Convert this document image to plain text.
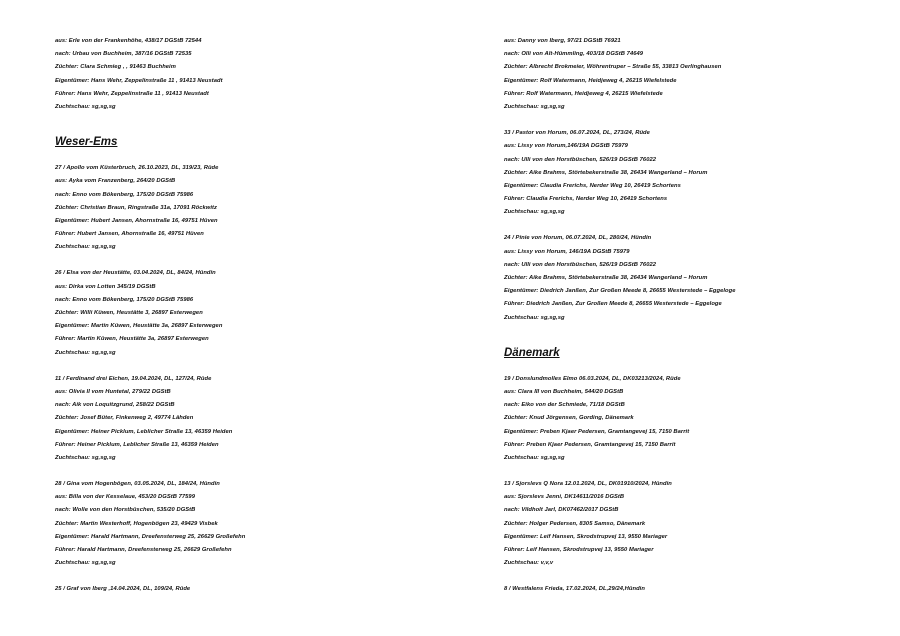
aus: Erle von der Frankenhöhe, 438/17 DGStB 72544
nach: Urbau von Buchheim, 387/16 DGStB 72535
Züchter: Clara Schmieg , , 91463 Buchheim
Eigentümer: Hans Wehr, Zeppelinstraße 11 , 91413 Neustadt
Führer: Hans Wehr, Zeppelinstraße 11 , 91413 Neustadt
Zuchtschau: sg,sg,sg
Weser-Ems
27 / Apollo vom Küsterbruch, 26.10.2023, DL, 319/23, Rüde
aus: Ayka vom Franzenberg, 264/20 DGStB
nach: Enno vom Bökenberg, 175/20 DGStB 75986
Züchter: Christian Braun, Ringstraße 31a, 17091 Röckwitz
Eigentümer: Hubert Jansen, Ahornstraße 16, 49751 Hüven
Führer: Hubert Jansen, Ahornstraße 16, 49751 Hüven
Zuchtschau: sg,sg,sg
26 / Elsa von der Heustätte, 03.04.2024, DL, 84/24, Hündin
aus: Dirka von Lotten 345/19 DGStB
nach: Enno vom Bökenberg, 175/20 DGStB 75986
Züchter: Willi Küwen, Heustätte 3, 26897 Esterwegen
Eigentümer: Martin Küwen, Heustätte 3a, 26897 Esterwegen
Führer: Martin Küwen, Heustätte 3a, 26897 Esterwegen
Zuchtschau: sg,sg,sg
11 / Ferdinand drei Eichen, 19.04.2024, DL, 127/24, Rüde
aus: Olivia II vom Huntetal, 279/22 DGStB
nach: Aik von Loquitzgrund, 258/22 DGStB
Züchter: Josef Büter, Finkenweg 2, 49774 Lähden
Eigentümer: Heiner Picklum, Leblicher Straße 13, 46359 Heiden
Führer: Heiner Picklum, Leblicher Straße 13, 46359 Heiden
Zuchtschau: sg,sg,sg
28 / Gina vom Hogenbögen, 03.05.2024, DL, 184/24, Hündin
aus: Billa von der Kesselaue, 453/20 DGStB 77599
nach: Wolle von den Horstbüschen, 535/20 DGStB
Züchter: Martin Westerhoff, Hogenbögen 23, 49429 Visbek
Eigentümer: Harald Hartmann, Dreefensterweg 25, 26629 Großefehn
Führer: Harald Hartmann, Dreefensterweg 25, 26629 Großefehn
Zuchtschau: sg,sg,sg
25 / Graf von Iberg ,14.04.2024, DL, 109/24, Rüde
aus: Danny von Iberg, 97/21 DGStB 76921
nach: Olli von Alt-Hümmling, 403/18 DGStB 74649
Züchter: Albrecht Brokmeier, Wöhrentruper – Straße 55, 33813 Oerlinghausen
Eigentümer: Rolf Watermann, Heidjeweg 4, 26215 Wiefelstede
Führer: Rolf Watermann, Heidjeweg 4, 26215 Wiefelstede
Zuchtschau: sg,sg,sg
33 / Pastor von Horum, 06.07.2024, DL, 273/24, Rüde
aus: Lissy von Horum,146/19A DGStB 75979
nach: Ulli von den Horstbüschen, 526/19 DGStB 76022
Züchter: Aike Brahms, Störtebekerstraße 38, 26434 Wangerland – Horum
Eigentümer: Claudia Frerichs, Nerder Weg 10, 26419 Schortens
Führer: Claudia Frerichs, Nerder Weg 10, 26419 Schortens
Zuchtschau: sg,sg,sg
24 / Pinie von Horum, 06.07.2024, DL, 280/24, Hündin
aus: Lissy von Horum, 146/19A DGStB 75979
nach: Ulli von den Horstbüschen, 526/19 DGStB 76022
Züchter: Aike Brahms, Störtebekerstraße 38, 26434 Wangerland – Horum
Eigentümer: Diedrich Janßen, Zur Großen Meede 8, 26655 Westerstede – Eggeloge
Führer: Diedrich Janßen, Zur Großen Meede 8, 26655 Westerstede – Eggeloge
Zuchtschau: sg,sg,sg
Dänemark
19 / Donslundmolles Elmo 06.03.2024, DL, DK03213/2024, Rüde
aus: Clara III von Buchheim, 544/20 DGStB
nach: Eiko von der Schmiede, 71/18 DGStB
Züchter: Knud Jörgensen, Gording, Dänemark
Eigentümer: Preben Kjaer Pedersen, Gramtangevej 15, 7150 Barrit
Führer: Preben Kjaer Pedersen, Gramtangevej 15, 7150 Barrit
Zuchtschau: sg,sg,sg
13 / Sjorslevs Q Nora 12.01.2024, DL, DK01910/2024, Hündin
aus: Sjorslevs Jenni, DK14611/2016 DGStB
nach: Vildholt Jarl, DK07462/2017 DGStB
Züchter: Holger Pedersen, 8305 Samso, Dänemark
Eigentümer: Leif Hansen, Skrodstrupvej 13, 9550 Mariager
Führer: Leif Hansen, Skrodstrupvej 13, 9550 Mariager
Zuchtschau: v,v,v
8 / Westfalens Frieda, 17.02.2024, DL,29/24,Hündin
